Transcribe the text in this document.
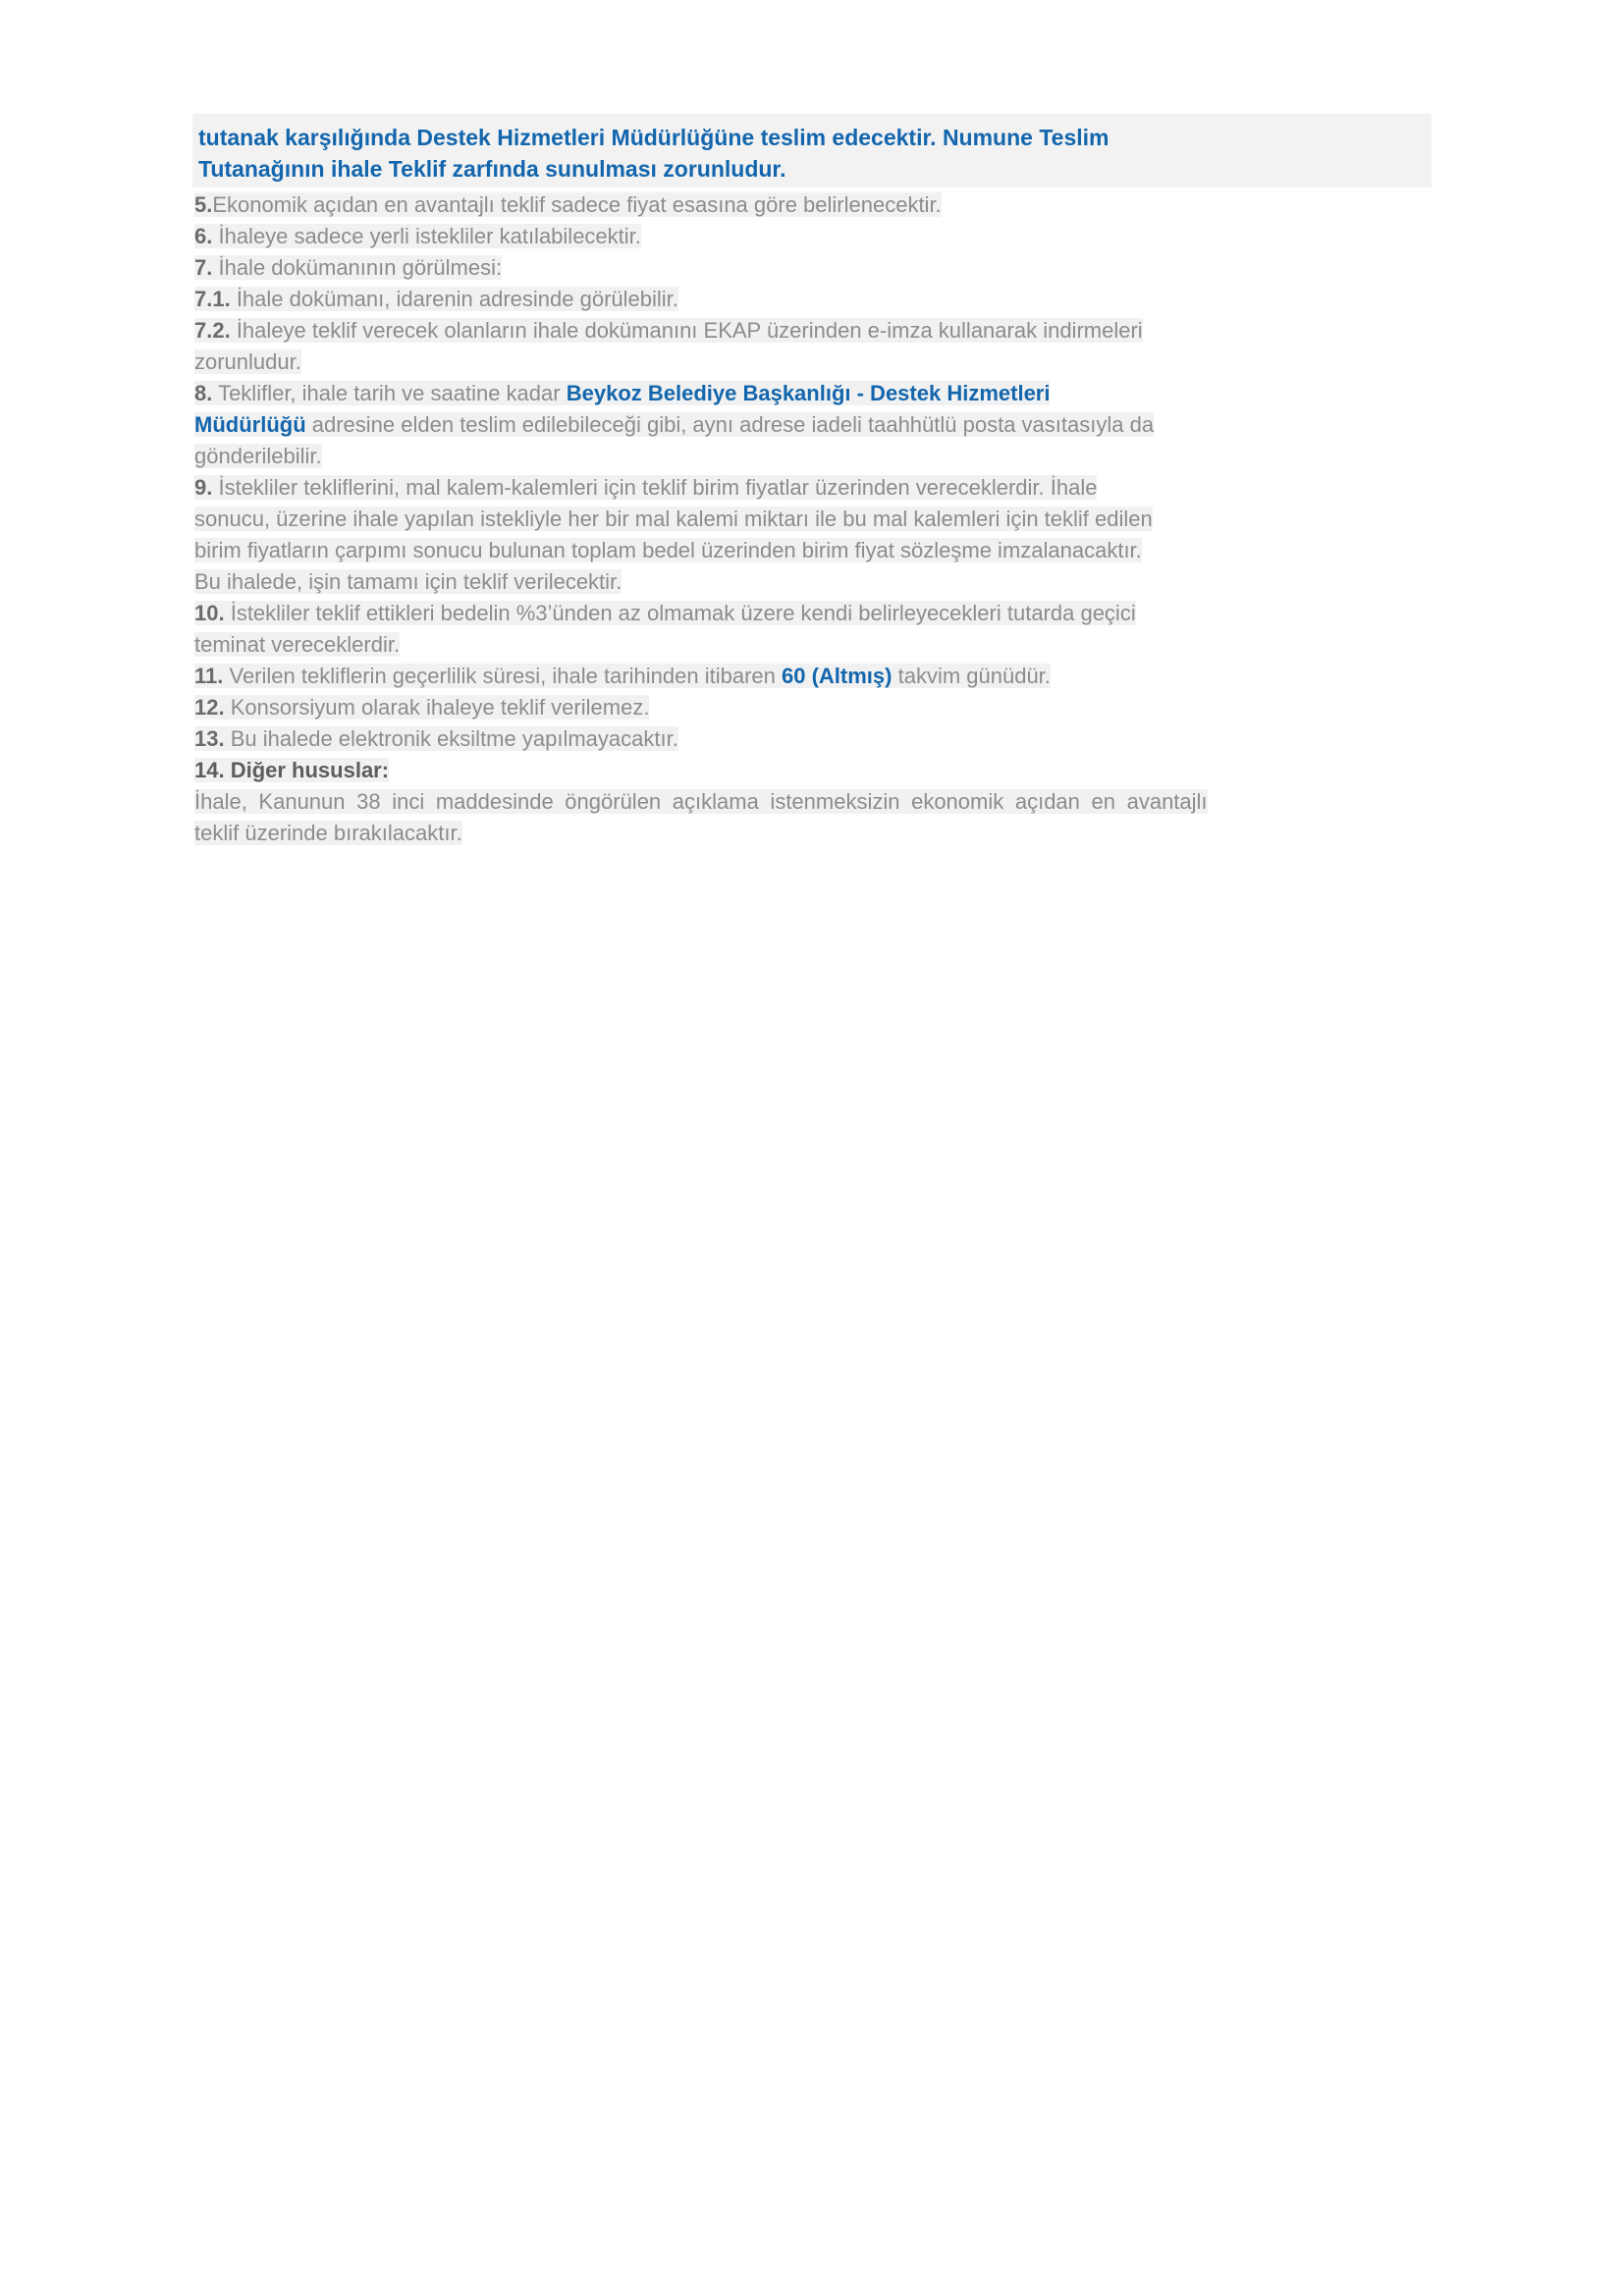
tutanak karşılığında Destek Hizmetleri Müdürlüğüne teslim edecektir. Numune Teslim
Tutanağının ihale Teklif zarfında sunulması zorunludur.

5.Ekonomik açıdan en avantajlı teklif sadece fiyat esasına göre belirlenecektir.

6. İhaleye sadece yerli istekliler katılabilecektir.

7. İhale dokümanının görülmesi:

7.1. İhale dokümanı, idarenin adresinde görülebilir.

7.2. İhaleye teklif verecek olanların ihale dokümanını EKAP üzerinden e-imza kullanarak indirmeleri
zorunludur.

8. Teklifler, ihale tarih ve saatine kadar Beykoz Belediye Başkanlığı - Destek Hizmetleri
Müdürlüğü adresine elden teslim edilebileceği gibi, aynı adrese iadeli taahhütlü posta vasıtasıyla da
gönderilebilir.

9. İstekliler tekliflerini, mal kalem-kalemleri için teklif birim fiyatlar üzerinden vereceklerdir. İhale
sonucu, üzerine ihale yapılan istekliyle her bir mal kalemi miktarı ile bu mal kalemleri için teklif edilen
birim fiyatların çarpımı sonucu bulunan toplam bedel üzerinden birim fiyat sözleşme imzalanacaktır.
Bu ihalede, işin tamamı için teklif verilecektir.

10. İstekliler teklif ettikleri bedelin %3’ünden az olmamak üzere kendi belirleyecekleri tutarda geçici
teminat vereceklerdir.

11. Verilen tekliflerin geçerlilik süresi, ihale tarihinden itibaren 60 (Altmış) takvim günüdür.

12. Konsorsiyum olarak ihaleye teklif verilemez.

13. Bu ihalede elektronik eksiltme yapılmayacaktır.

14. Diğer hususlar:

İhale, Kanunun 38 inci maddesinde öngörülen açıklama istenmeksizin ekonomik açıdan en avantajlı
teklif üzerinde bırakılacaktır.
